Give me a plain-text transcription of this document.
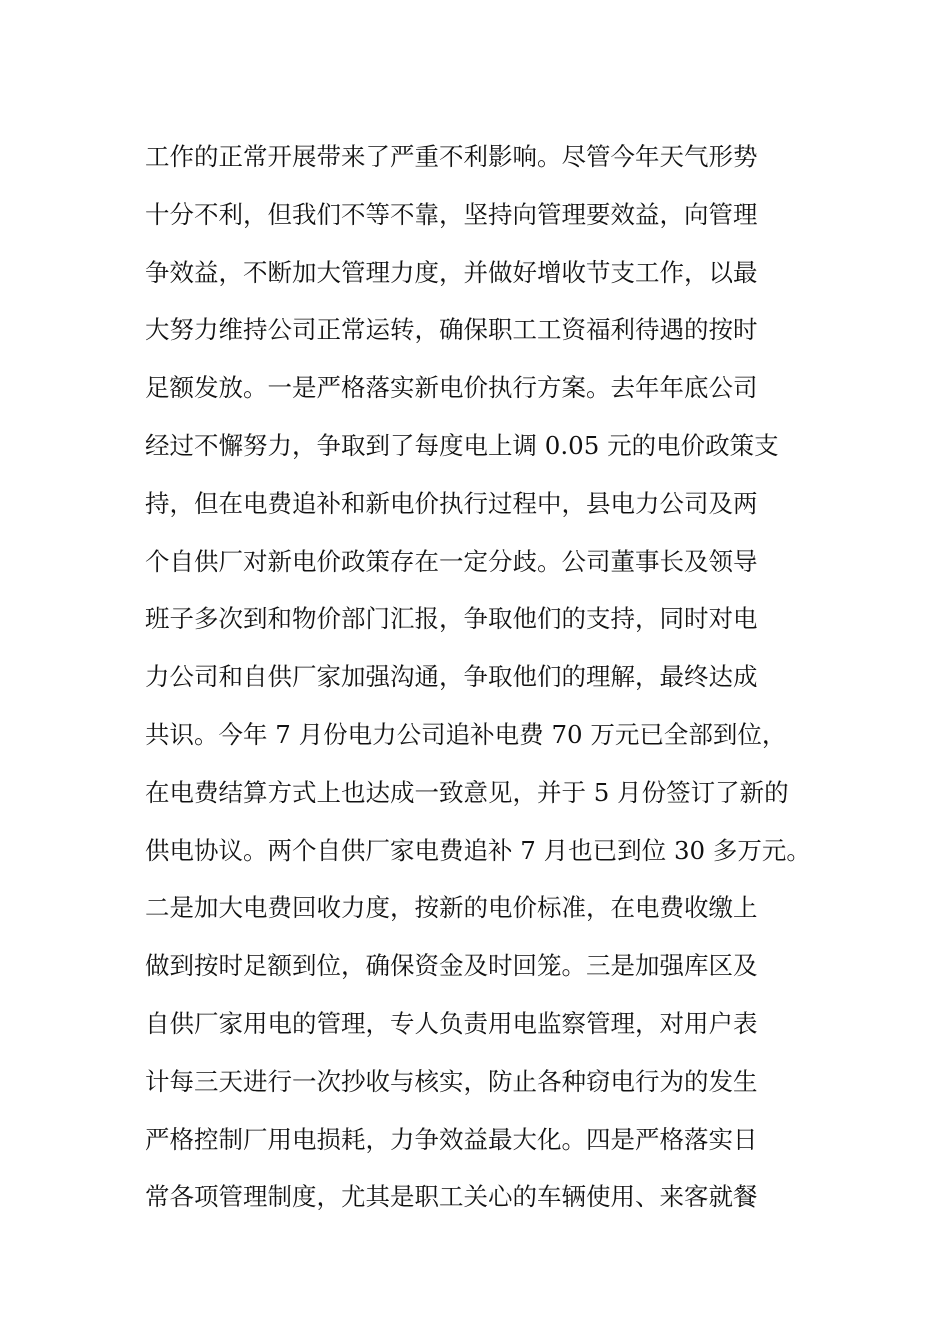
工作的正常开展带来了严重不利影响。尽管今年天气形势
十分不利，但我们不等不靠，坚持向管理要效益，向管理
争效益，不断加大管理力度，并做好增收节支工作，以最
大努力维持公司正常运转，确保职工工资福利待遇的按时
足额发放。一是严格落实新电价执行方案。去年年底公司
经过不懈努力，争取到了每度电上调 0.05 元的电价政策支
持，但在电费追补和新电价执行过程中，县电力公司及两
个自供厂对新电价政策存在一定分歧。公司董事长及领导
班子多次到和物价部门汇报，争取他们的支持，同时对电
力公司和自供厂家加强沟通，争取他们的理解，最终达成
共识。今年 7 月份电力公司追补电费 70 万元已全部到位，
在电费结算方式上也达成一致意见，并于 5 月份签订了新的
供电协议。两个自供厂家电费追补 7 月也已到位 30 多万元。
二是加大电费回收力度，按新的电价标准，在电费收缴上
做到按时足额到位，确保资金及时回笼。三是加强库区及
自供厂家用电的管理，专人负责用电监察管理，对用户表
计每三天进行一次抄收与核实，防止各种窃电行为的发生
严格控制厂用电损耗，力争效益最大化。四是严格落实日
常各项管理制度，尤其是职工关心的车辆使用、来客就餐
